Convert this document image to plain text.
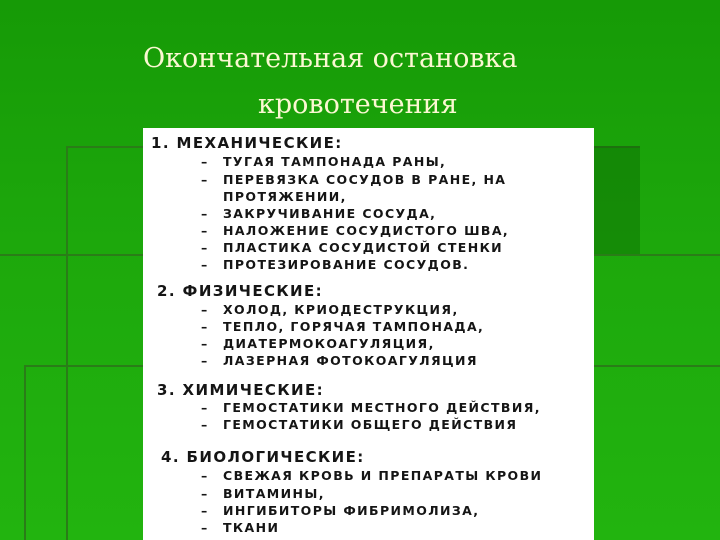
Окончательная остановка
кровотечения
1. МЕХАНИЧЕСКИЕ:
– ТУГАЯ ТАМПОНАДА РАНЫ,
– ПЕРЕВЯЗКА СОСУДОВ В РАНЕ, НА
ПРОТЯЖЕНИИ,
– ЗАКРУЧИВАНИЕ СОСУДА,
– НАЛОЖЕНИЕ СОСУДИСТОГО ШВА,
– ПЛАСТИКА СОСУДИСТОЙ СТЕНКИ
– ПРОТЕЗИРОВАНИЕ СОСУДОВ.
2. ФИЗИЧЕСКИЕ:
– ХОЛОД, КРИОДЕСТРУКЦИЯ,
– ТЕПЛО, ГОРЯЧАЯ ТАМПОНАДА,
– ДИАТЕРМОКОАГУЛЯЦИЯ,
– ЛАЗЕРНАЯ ФОТОКОАГУЛЯЦИЯ
3. ХИМИЧЕСКИЕ:
– ГЕМОСТАТИКИ МЕСТНОГО ДЕЙСТВИЯ,
– ГЕМОСТАТИКИ ОБЩЕГО ДЕЙСТВИЯ
4. БИОЛОГИЧЕСКИЕ:
– СВЕЖАЯ КРОВЬ И ПРЕПАРАТЫ КРОВИ
– ВИТАМИНЫ,
– ИНГИБИТОРЫ ФИБРИМОЛИЗА,
– ТКАНИ
